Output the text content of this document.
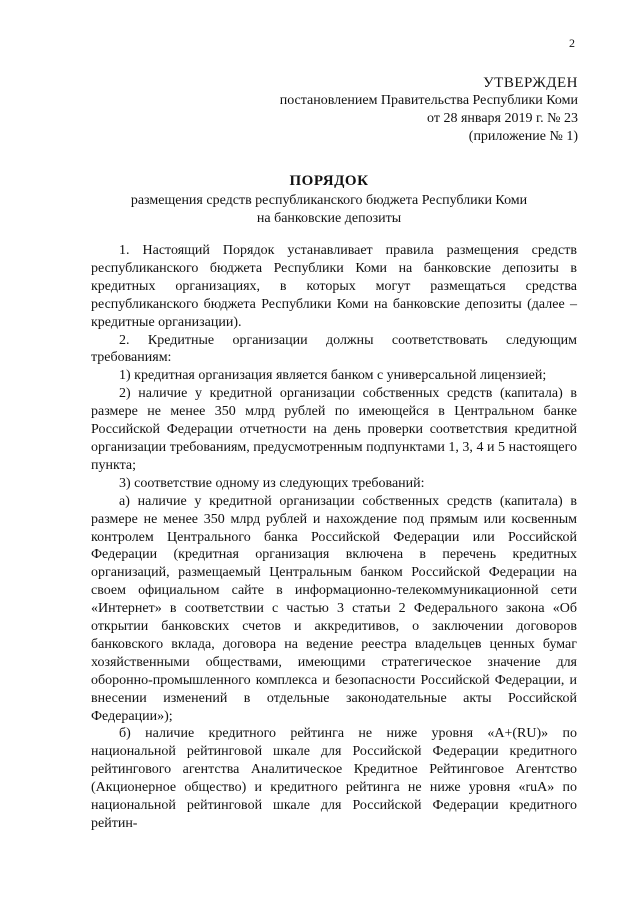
2
УТВЕРЖДЕН
постановлением Правительства Республики Коми
от 28 января 2019 г. № 23
(приложение № 1)
ПОРЯДОК
размещения средств республиканского бюджета Республики Коми
на банковские депозиты

1. Настоящий Порядок устанавливает правила размещения средств республиканского бюджета Республики Коми на банковские депозиты в кредитных организациях, в которых могут размещаться средства республиканского бюджета Республики Коми на банковские депозиты (далее – кредитные организации).

2. Кредитные организации должны соответствовать следующим требованиям:

1) кредитная организация является банком с универсальной лицензией;

2) наличие у кредитной организации собственных средств (капитала) в размере не менее 350 млрд рублей по имеющейся в Центральном банке Российской Федерации отчетности на день проверки соответствия кредитной организации требованиям, предусмотренным подпунктами 1, 3, 4 и 5 настоящего пункта;

3) соответствие одному из следующих требований:

а) наличие у кредитной организации собственных средств (капитала) в размере не менее 350 млрд рублей и нахождение под прямым или косвенным контролем Центрального банка Российской Федерации или Российской Федерации (кредитная организация включена в перечень кредитных организаций, размещаемый Центральным банком Российской Федерации на своем официальном сайте в информационно-телекоммуникационной сети «Интернет» в соответствии с частью 3 статьи 2 Федерального закона «Об открытии банковских счетов и аккредитивов, о заключении договоров банковского вклада, договора на ведение реестра владельцев ценных бумаг хозяйственными обществами, имеющими стратегическое значение для оборонно-промышленного комплекса и безопасности Российской Федерации, и внесении изменений в отдельные законодательные акты Российской Федерации»);

б) наличие кредитного рейтинга не ниже уровня «A+(RU)» по национальной рейтинговой шкале для Российской Федерации кредитного рейтингового агентства Аналитическое Кредитное Рейтинговое Агентство (Акционерное общество) и кредитного рейтинга не ниже уровня «ruA» по национальной рейтинговой шкале для Российской Федерации кредитного рейтин-
